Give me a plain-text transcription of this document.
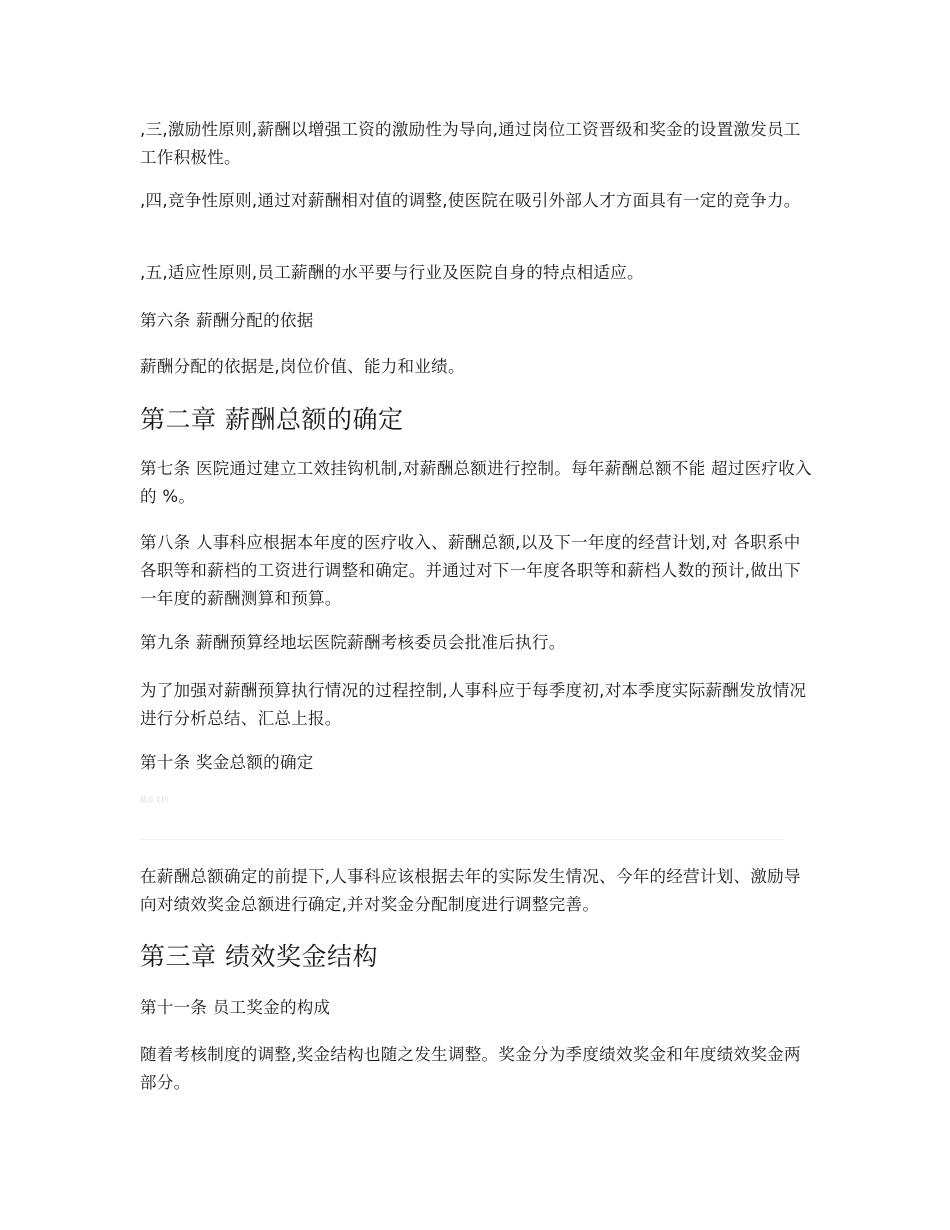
,三,激励性原则,薪酬以增强工资的激励性为导向,通过岗位工资晋级和奖金的设置激发员工工作积极性。

,四,竞争性原则,通过对薪酬相对值的调整,使医院在吸引外部人才方面具有一定的竞争力。

,五,适应性原则,员工薪酬的水平要与行业及医院自身的特点相适应。

第六条 薪酬分配的依据

薪酬分配的依据是,岗位价值、能力和业绩。

第二章 薪酬总额的确定

第七条 医院通过建立工效挂钩机制,对薪酬总额进行控制。每年薪酬总额不能 超过医疗收入的 %。

第八条 人事科应根据本年度的医疗收入、薪酬总额,以及下一年度的经营计划,对 各职系中各职等和薪档的工资进行调整和确定。并通过对下一年度各职等和薪档人数的预计,做出下一年度的薪酬测算和预算。

第九条 薪酬预算经地坛医院薪酬考核委员会批准后执行。

为了加强对薪酬预算执行情况的过程控制,人事科应于每季度初,对本季度实际薪酬发放情况进行分析总结、汇总上报。

第十条 奖金总额的确定

精品文档

在薪酬总额确定的前提下,人事科应该根据去年的实际发生情况、今年的经营计划、激励导向对绩效奖金总额进行确定,并对奖金分配制度进行调整完善。

第三章 绩效奖金结构

第十一条 员工奖金的构成

随着考核制度的调整,奖金结构也随之发生调整。奖金分为季度绩效奖金和年度绩效奖金两部分。
